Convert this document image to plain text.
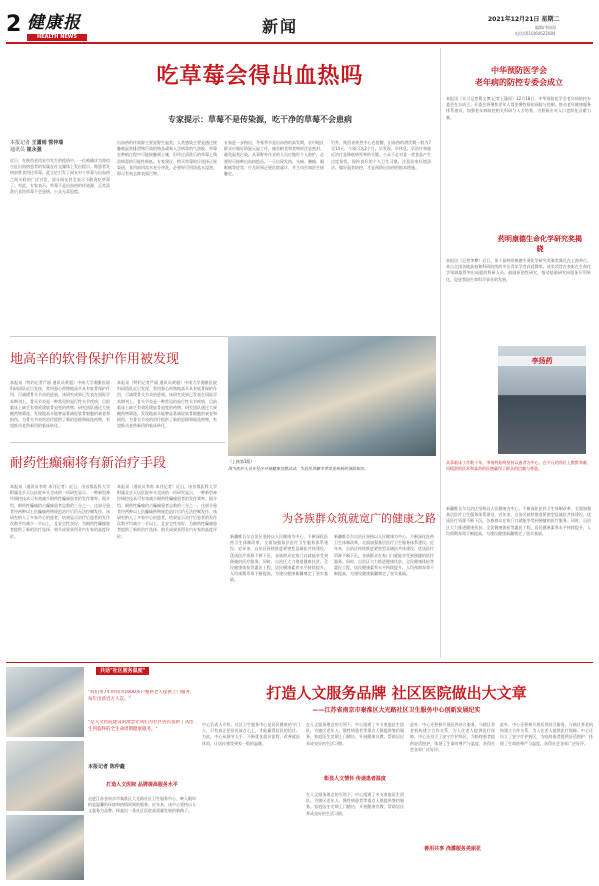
2 健康报
HEALTH NEWS
新闻	2021年12月21日 星期二
编辑/李阳阳
电话/(010)64622084
吃草莓会得出血热吗
专家提示：草莓不是传染源，吃干净的草莓不会患病
本报记者 王潇雨 管仲瑞
通讯员 崔永强
近日，在陕西省西安市发生的疫情中，一位被确诊为肾综合征出血热患者的家属在社交媒体上发出提示，称患者发病前曾食用过草莓。此言论引发了网友对于草莓与出血热之间关联的广泛讨论，部分网友甚至表示不敢再吃草莓了。对此，专家表示，草莓不是出血热的传染源，正常清洗后食用草莓不会患病，公众无需恐慌。
出血热的传染源主要是野生鼠类，人类感染主要是通过接触被鼠类排泄物污染的物品或吸入含病毒的气溶胶。草莓在种植过程中可能接触到土壤，但经过清洗后的草莓上残留病毒的可能性极低。专家建议，购买草莓时应选择正规渠道，食用前用流水充分冲洗，必要时可用淡盐水浸泡，即可有效去除表面污物。
专家进一步指出，冬春季节是出血热的高发期，农村地区群众应做好防鼠灭鼠工作，储存粮食和食物时注意密封，避免鼠类污染。从事野外作业的人员应做好个人防护，必要时可接种出血热疫苗。一旦出现发热、头痛、腰痛、眼眶痛等症状，应及时到正规医院就诊，并主动告知医生接触史。
另外，陕西省疾控中心也提醒，出血热的潜伏期一般为7至14天，个别可达2个月。早发现、早休息、早治疗和就近治疗是降低病死率的关键。公众不必对某一类食品产生过度担忧，保持良好的个人卫生习惯、注意居家环境清洁、做好鼠类防控，才是预防出血热的根本措施。
中华预防医学会
老年病的防控专委会成立
本报讯（实习记者曹文博 记者王潇雨）12月18日，中华预防医学会老年病防控专委会在京成立。专委会将聚焦老年人常见慢性病的预防与控制，推动老年健康服务体系建设，加强老年病防控相关科研与人才培养，为积极应对人口老龄化贡献力量。
药明康德生命化学研究奖揭晓
本报讯（记者李攀）近日，第十届药明康德生命化学研究奖颁奖典礼在上海举行。来自全国各地高校和科研院所的多位青年学者获此殊荣。该奖项旨在表彰在生命化学领域取得突出成就的科研人员，鼓励原创性研究，推动基础研究向临床应用转化，促进我国生命科学事业的发展。
李扬药
从事临床工作数十年，李扬药始终坚持以患者为中心，在平凡的岗位上默默奉献，用精湛的医术和高尚的医德赢得了群众的信赖与尊重。
地高辛的软骨保护作用被发现
本报讯（特约记者严丽 通讯员黄超）中南大学湘雅医院科研团队近日发现，常用强心药物地高辛具有软骨保护作用，可减缓骨关节炎的进展。该研究成果已发表在国际学术期刊上。骨关节炎是一种常见的退行性关节疾病，目前临床上缺乏有效延缓软骨退变的药物。研究团队通过大规模药物筛选，发现地高辛能够显著减轻软骨细胞的衰老和损伤，为骨关节炎的治疗提供了新的思路和候选药物，有望推动老药新用的临床转化。
本报讯（特约记者严丽 通讯员黄超）中南大学湘雅医院科研团队近日发现，常用强心药物地高辛具有软骨保护作用，可减缓骨关节炎的进展。该研究成果已发表在国际学术期刊上。骨关节炎是一种常见的退行性关节疾病，目前临床上缺乏有效延缓软骨退变的药物。研究团队通过大规模药物筛选，发现地高辛能够显著减轻软骨细胞的衰老和损伤，为骨关节炎的治疗提供了新的思路和候选药物，有望推动老药新用的临床转化。
耐药性癫痫将有新治疗手段
本报讯（通讯员李苒 本刊记者）近日，由首都医科大学附属北京天坛医院牵头完成的一项研究显示，一种新型神经调控技术可有效减少耐药性癫痫患者的发作频率。据介绍，耐药性癫痫约占癫痫患者总数的三分之一，这部分患者经两种以上抗癫痫药物规范治疗后仍无法控制发作。该研究纳入了多家中心的患者，结果显示治疗后患者的发作次数平均减少一半以上，且安全性良好，为耐药性癫痫患者提供了新的治疗选择，相关成果获得业内专家的高度评价。
本报讯（通讯员李苒 本刊记者）近日，由首都医科大学附属北京天坛医院牵头完成的一项研究显示，一种新型神经调控技术可有效减少耐药性癫痫患者的发作频率。据介绍，耐药性癫痫约占癫痫患者总数的三分之一，这部分患者经两种以上抗癫痫药物规范治疗后仍无法控制发作。该研究纳入了多家中心的患者，结果显示治疗后患者的发作次数平均减少一半以上，且安全性良好，为耐药性癫痫患者提供了新的治疗选择，相关成果获得业内专家的高度评价。
（上接第1版）
图为医护人员在社区开展健康宣教活动，为居民讲解冬季常见疾病的预防知识。
为各族群众筑就宽广的健康之路
新疆维吾尔自治区坚持以人民健康为中心，不断深化医药卫生体制改革，全面加强基层医疗卫生服务体系建设。近年来，自治区持续推进紧密型县域医共体建设，优质医疗资源不断下沉，各族群众在家门口就能享受到便捷的医疗服务。同时，自治区大力推进健康扶贫、全民健康体检等惠民工程，居民健康素养水平持续提升，人均预期寿命不断提高，为建设健康新疆奠定了坚实基础。
新疆维吾尔自治区坚持以人民健康为中心，不断深化医药卫生体制改革，全面加强基层医疗卫生服务体系建设。近年来，自治区持续推进紧密型县域医共体建设，优质医疗资源不断下沉，各族群众在家门口就能享受到便捷的医疗服务。同时，自治区大力推进健康扶贫、全民健康体检等惠民工程，居民健康素养水平持续提升，人均预期寿命不断提高，为建设健康新疆奠定了坚实基础。
新疆维吾尔自治区坚持以人民健康为中心，不断深化医药卫生体制改革，全面加强基层医疗卫生服务体系建设。近年来，自治区持续推进紧密型县域医共体建设，优质医疗资源不断下沉，各族群众在家门口就能享受到便捷的医疗服务。同时，自治区大力推进健康扶贫、全民健康体检等惠民工程，居民健康素养水平持续提升，人均预期寿命不断提高，为建设健康新疆奠定了坚实基础。
共话"社区服务温度"
打造人文服务品牌 社区医院做出大文章
——江苏省南京市秦淮区大光路社区卫生服务中心创新发展纪实
"我们用7年时间为1600多户独居老人提供上门服务，每年出诊近万人次。"
"是人文医院建设的理念让我们为社区居民提供了从出生到临终的全生命周期健康服务。"
本报记者 陈仲鑫
打造人文医院 品牌提高服务水平
走进江苏省南京市秦淮区大光路社区卫生服务中心，映入眼帘的是温馨的环境和热情周到的服务。近年来，该中心坚持以人文服务为品牌，探索出一条社区医院高质量发展的新路子。
中心负责人介绍，社区卫生服务中心是居民健康的守门人，只有真正把居民放在心上，才能赢得居民的信任。为此，中心从细节入手，不断优化就诊流程，改善就医体验，让居民感受到家一般的温暖。
彰显人文情怀 传递患者温度
在人文服务理念的引领下，中心组建了多支家庭医生团队，为辖区老年人、慢性病患者等重点人群提供签约服务。家庭医生定期上门随访，开展健康宣教，帮助居民养成良好的生活习惯。
在人文服务理念的引领下，中心组建了多支家庭医生团队，为辖区老年人、慢性病患者等重点人群提供签约服务。家庭医生定期上门随访，开展健康宣教，帮助居民养成良好的生活习惯。
此外，中心还积极开展医养结合服务，与辖区养老机构建立合作关系，为入住老人提供医疗保障。中心还设立了安宁疗护病区，为临终患者提供舒适照护，体现了生命的尊严与温度，获得社会各界广泛好评。
善用共享 浇灌服务美丽花
此外，中心还积极开展医养结合服务，与辖区养老机构建立合作关系，为入住老人提供医疗保障。中心还设立了安宁疗护病区，为临终患者提供舒适照护，体现了生命的尊严与温度，获得社会各界广泛好评。
